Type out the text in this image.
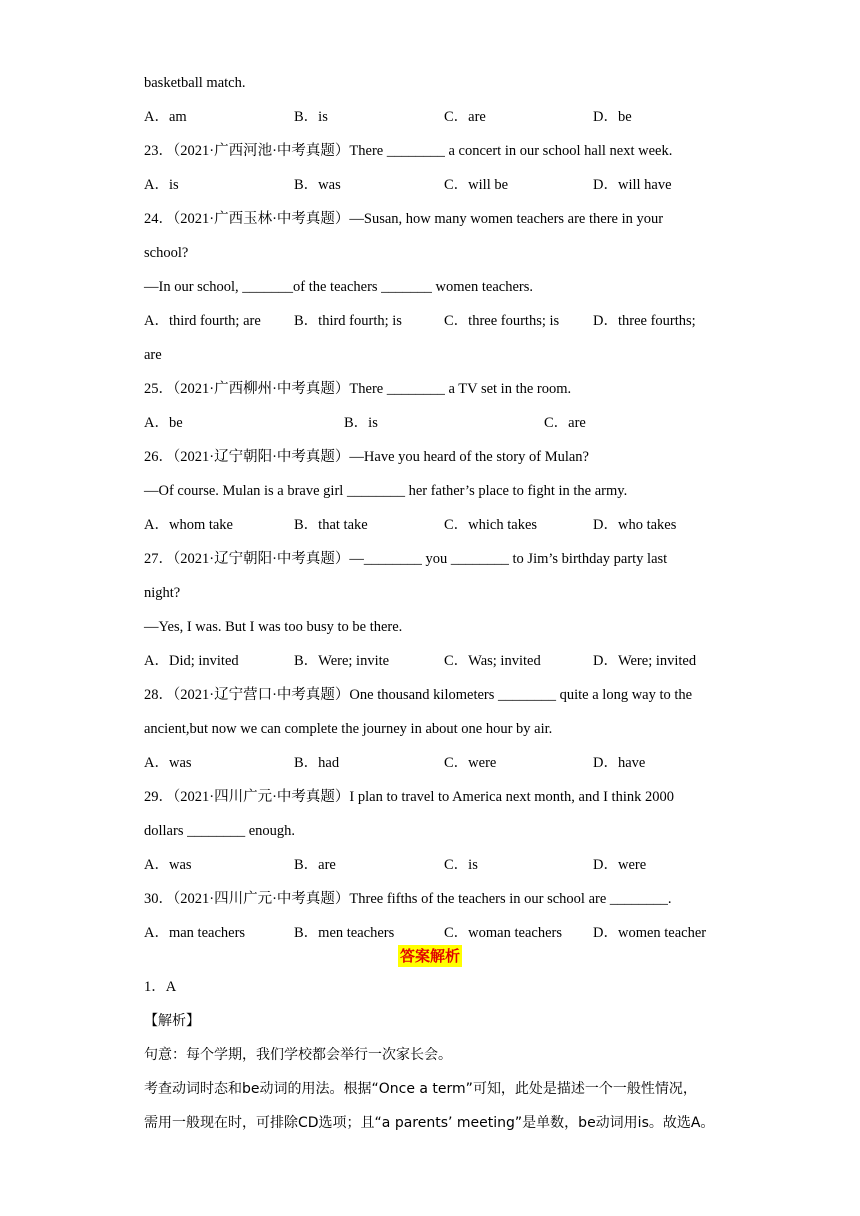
basketball match.
A．am	B．is	C．are	D．be
23．（2021·广西河池·中考真题）There ________ a concert in our school hall next week.
A．is	B．was	C．will be	D．will have
24．（2021·广西玉林·中考真题）—Susan, how many women teachers are there in your
school?
—In our school, _______of the teachers _______ women teachers.
A．third fourth; are B．third fourth; is	C．three fourths; is D．three fourths;
are
25．（2021·广西柳州·中考真题）There ________ a TV set in the room.
A．be	B．is	C．are
26．（2021·辽宁朝阳·中考真题）—Have you heard of the story of Mulan?
—Of course. Mulan is a brave girl ________ her father’s place to fight in the army.
A．whom take	B．that take	C．which takes	D．who takes
27．（2021·辽宁朝阳·中考真题）—________ you ________ to Jim’s birthday party last
night?
—Yes, I was. But I was too busy to be there.
A．Did; invited	B．Were; invite	C．Was; invited	D．Were; invited
28．（2021·辽宁营口·中考真题）One thousand kilometers ________ quite a long way to the
ancient,but now we can complete the journey in about one hour by air.
A．was	B．had	C．were	D．have
29．（2021·四川广元·中考真题）I plan to travel to America next month, and I think 2000
dollars ________ enough.
A．was	B．are	C．is	D．were
30．（2021·四川广元·中考真题）Three fifths of the teachers in our school are ________.
A．man teachers	B．men teachers	C．woman teachers D．women teacher
答案解析
1．A
【解析】
句意：每个学期，我们学校都会举行一次家长会。
考查动词时态和be动词的用法。根据“Once a term”可知，此处是描述一个一般性情况，
需用一般现在时，可排除CD选项；且“a parents’ meeting”是单数，be动词用is。故选A。
